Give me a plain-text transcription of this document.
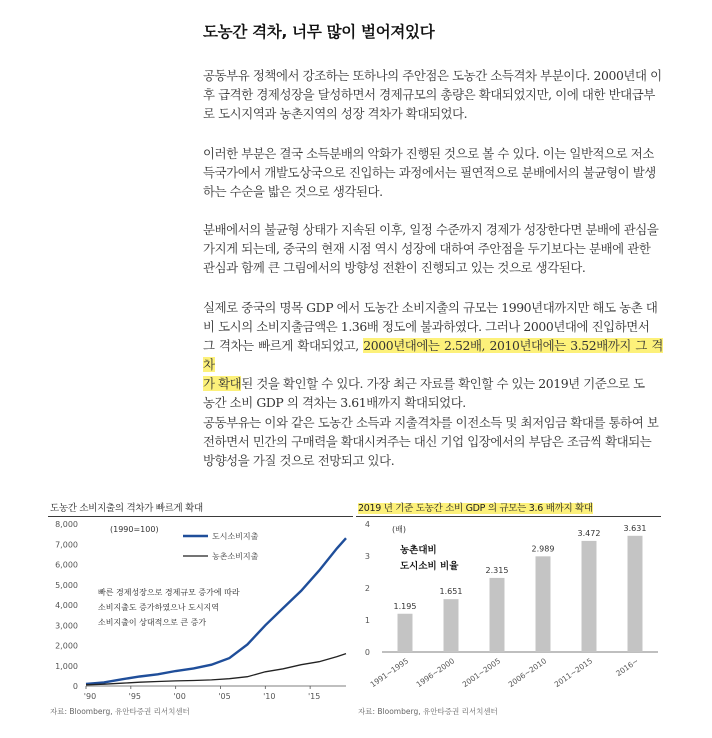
도농간 격차, 너무 많이 벌어져있다
공동부유 정책에서 강조하는 또하나의 주안점은 도농간 소득격차 부분이다. 2000년대 이
후 급격한 경제성장을 달성하면서 경제규모의 총량은 확대되었지만, 이에 대한 반대급부
로 도시지역과 농촌지역의 성장 격차가 확대되었다.
이러한 부분은 결국 소득분배의 악화가 진행된 것으로 볼 수 있다. 이는 일반적으로 저소
득국가에서 개발도상국으로 진입하는 과정에서는 필연적으로 분배에서의 불균형이 발생
하는 수순을 밟은 것으로 생각된다.
분배에서의 불균형 상태가 지속된 이후, 일정 수준까지 경제가 성장한다면 분배에 관심을
가지게 되는데, 중국의 현재 시점 역시 성장에 대하여 주안점을 두기보다는 분배에 관한
관심과 함께 큰 그림에서의 방향성 전환이 진행되고 있는 것으로 생각된다.
실제로 중국의 명목 GDP 에서 도농간 소비지출의 규모는 1990년대까지만 해도 농촌 대
비 도시의 소비지출금액은 1.36배 정도에 불과하였다. 그러나 2000년대에 진입하면서
그 격차는 빠르게 확대되었고, 2000년대에는 2.52배, 2010년대에는 3.52배까지 그 격차
가 확대된 것을 확인할 수 있다. 가장 최근 자료를 확인할 수 있는 2019년 기준으로 도
농간 소비 GDP 의 격차는 3.61배까지 확대되었다.
공동부유는 이와 같은 도농간 소득과 지출격차를 이전소득 및 최저임금 확대를 통하여 보
전하면서 민간의 구매력을 확대시켜주는 대신 기업 입장에서의 부담은 조금씩 확대되는
방향성을 가질 것으로 전망되고 있다.
도농간 소비지출의 격차가 빠르게 확대
0
1,000
2,000
3,000
4,000
5,000
6,000
7,000
8,000
'90	'95	'00	'05	'10	'15
(1990=100)
도시소비지출
농촌소비지출
빠른 경제성장으로 경제규모 증가에 따라
소비지출도 증가하였으나 도시지역
소비지출이 상대적으로 큰 증가
자료: Bloomberg, 유안타증권 리서치센터
2019 년 기준 도농간 소비 GDP 의 규모는 3.6 배까지 확대
0
1
2
3
4
(배)
농촌대비
도시소비 비율
1.195
1991~1995
1.651
1996~2000
2.315
2001~2005
2.989
2006~2010
3.472
2011~2015
3.631
2016~
자료: Bloomberg, 유안타증권 리서치센터
